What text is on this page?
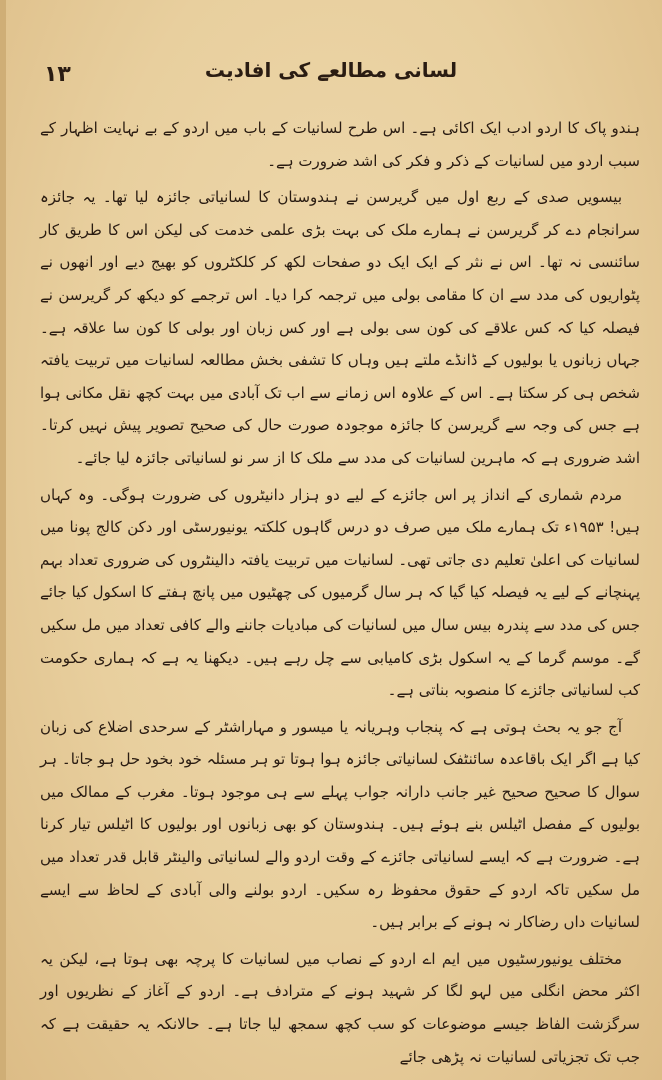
١٣	لسانی مطالعے کی افادیت

ہندو پاک کا اردو ادب ایک اکائی ہے۔ اس طرح لسانیات کے باب میں اردو کے بے نہایت اظہار کے سبب اردو میں لسانیات کے ذکر و فکر کی اشد ضرورت ہے۔

بیسویں صدی کے ربع اول میں گریرسن نے ہندوستان کا لسانیاتی جائزہ لیا تھا۔ یہ جائزہ سرانجام دے کر گریرسن نے ہمارے ملک کی بہت بڑی علمی خدمت کی لیکن اس کا طریق کار سائنسی نہ تھا۔ اس نے نثر کے ایک ایک دو صفحات لکھ کر کلکٹروں کو بھیج دیے اور انھوں نے پٹواریوں کی مدد سے ان کا مقامی بولی میں ترجمہ کرا دیا۔ اس ترجمے کو دیکھ کر گریرسن نے فیصلہ کیا کہ کس علاقے کی کون سی بولی ہے اور کس زبان اور بولی کا کون سا علاقہ ہے۔ جہاں زبانوں یا بولیوں کے ڈانڈے ملتے ہیں وہاں کا تشفی بخش مطالعہ لسانیات میں تربیت یافتہ شخص ہی کر سکتا ہے۔ اس کے علاوہ اس زمانے سے اب تک آبادی میں بہت کچھ نقل مکانی ہوا ہے جس کی وجہ سے گریرسن کا جائزہ موجودہ صورت حال کی صحیح تصویر پیش نہیں کرتا۔ اشد ضروری ہے کہ ماہرین لسانیات کی مدد سے ملک کا از سر نو لسانیاتی جائزہ لیا جائے۔

مردم شماری کے انداز پر اس جائزے کے لیے دو ہزار دانیٹروں کی ضرورت ہوگی۔ وہ کہاں ہیں! ۱۹۵۳ء تک ہمارے ملک میں صرف دو درس گاہوں کلکتہ یونیورسٹی اور دکن کالج پونا میں لسانیات کی اعلیٰ تعلیم دی جاتی تھی۔ لسانیات میں تربیت یافتہ دالینٹروں کی ضروری تعداد بہم پہنچانے کے لیے یہ فیصلہ کیا گیا کہ ہر سال گرمیوں کی چھٹیوں میں پانچ ہفتے کا اسکول کیا جائے جس کی مدد سے پندرہ بیس سال میں لسانیات کی مبادیات جاننے والے کافی تعداد میں مل سکیں گے۔ موسم گرما کے یہ اسکول بڑی کامیابی سے چل رہے ہیں۔ دیکھنا یہ ہے کہ ہماری حکومت کب لسانیاتی جائزے کا منصوبہ بناتی ہے۔

آج جو یہ بحث ہوتی ہے کہ پنجاب وہریانہ یا میسور و مہاراشٹر کے سرحدی اضلاع کی زبان کیا ہے اگر ایک باقاعدہ سائنٹفک لسانیاتی جائزہ ہوا ہوتا تو ہر مسئلہ خود بخود حل ہو جاتا۔ ہر سوال کا صحیح صحیح غیر جانب دارانہ جواب پہلے سے ہی موجود ہوتا۔ مغرب کے ممالک میں بولیوں کے مفصل اٹیلس بنے ہوئے ہیں۔ ہندوستان کو بھی زبانوں اور بولیوں کا اٹیلس تیار کرنا ہے۔ ضرورت ہے کہ ایسے لسانیاتی جائزے کے وقت اردو والے لسانیاتی والینٹر قابل قدر تعداد میں مل سکیں تاکہ اردو کے حقوق محفوظ رہ سکیں۔ اردو بولنے والی آبادی کے لحاظ سے ایسے لسانیات داں رضاکار نہ ہونے کے برابر ہیں۔

مختلف یونیورسٹیوں میں ایم اے اردو کے نصاب میں لسانیات کا پرچہ بھی ہوتا ہے، لیکن یہ اکثر محض انگلی میں لہو لگا کر شہید ہونے کے مترادف ہے۔ اردو کے آغاز کے نظریوں اور سرگزشت الفاظ جیسے موضوعات کو سب کچھ سمجھ لیا جاتا ہے۔ حالانکہ یہ حقیقت ہے کہ جب تک تجزیاتی لسانیات نہ پڑھی جائے
